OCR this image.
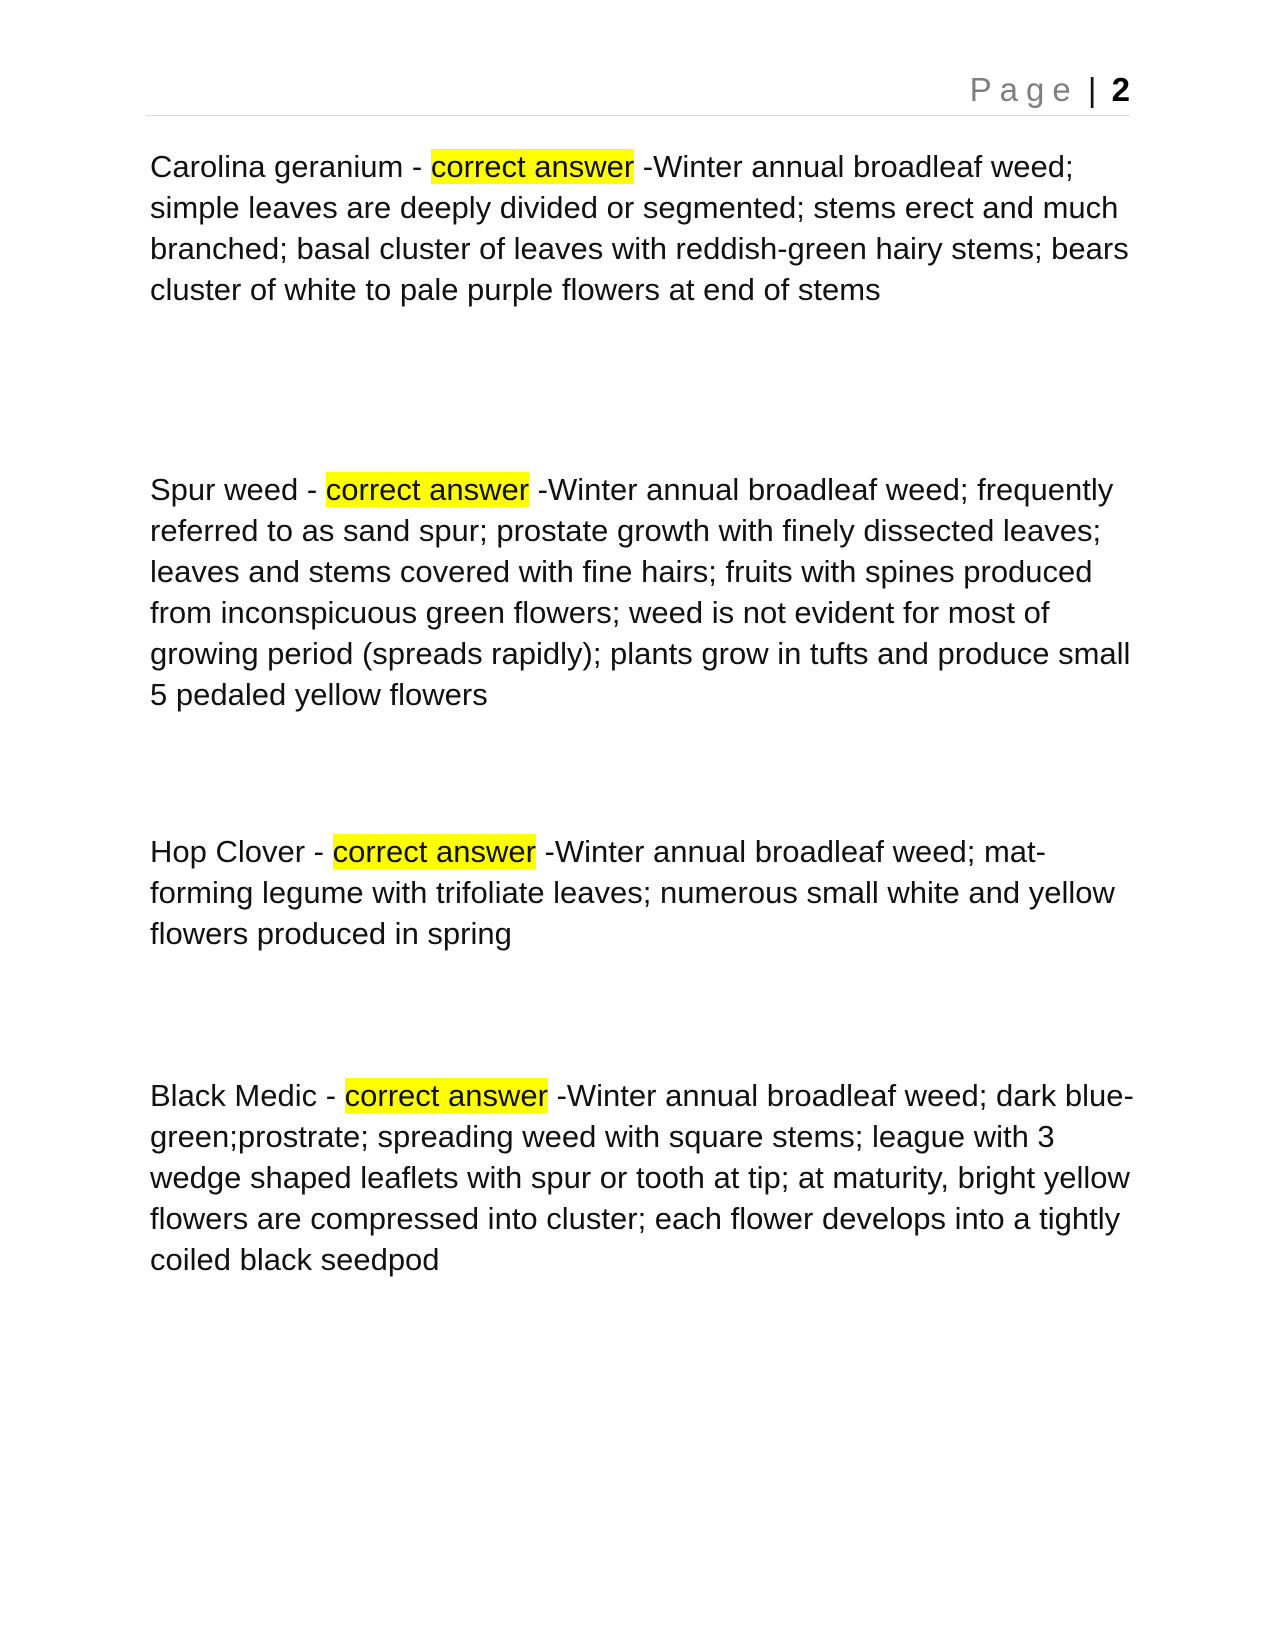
Page | 2

Carolina geranium - correct answer -Winter annual broadleaf weed; simple leaves are deeply divided or segmented; stems erect and much branched; basal cluster of leaves with reddish-green hairy stems; bears cluster of white to pale purple flowers at end of stems

Spur weed - correct answer -Winter annual broadleaf weed; frequently referred to as sand spur; prostate growth with finely dissected leaves; leaves and stems covered with fine hairs; fruits with spines produced from inconspicuous green flowers; weed is not evident for most of growing period (spreads rapidly); plants grow in tufts and produce small 5 pedaled yellow flowers

Hop Clover - correct answer -Winter annual broadleaf weed; mat-forming legume with trifoliate leaves; numerous small white and yellow flowers produced in spring

Black Medic - correct answer -Winter annual broadleaf weed; dark blue-green;prostrate; spreading weed with square stems; league with 3 wedge shaped leaflets with spur or tooth at tip; at maturity, bright yellow flowers are compressed into cluster; each flower develops into a tightly coiled black seedpod
